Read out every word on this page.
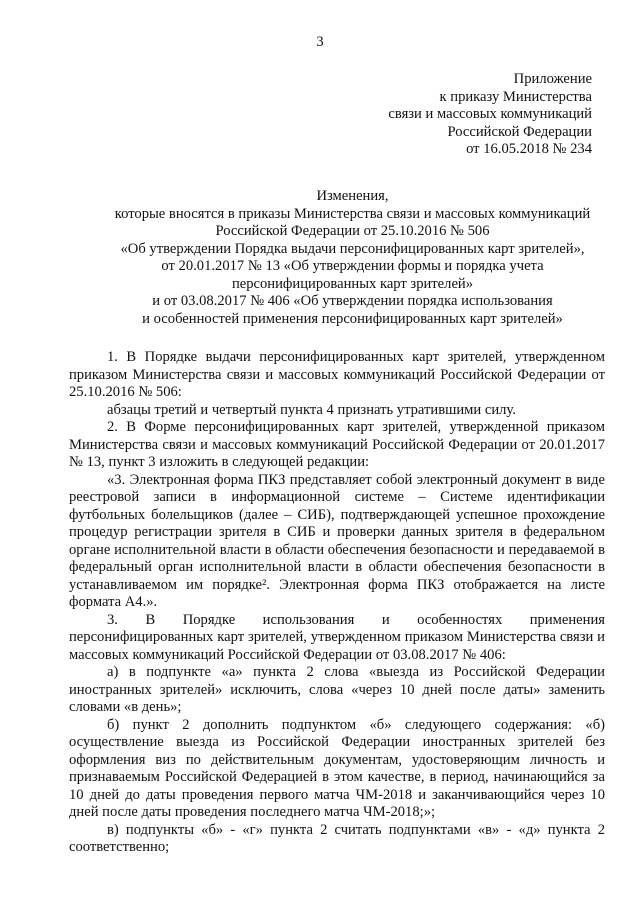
3
Приложение
к приказу Министерства
связи и массовых коммуникаций
Российской Федерации
от 16.05.2018 № 234
Изменения,
которые вносятся в приказы Министерства связи и массовых коммуникаций
Российской Федерации от 25.10.2016 № 506
«Об утверждении Порядка выдачи персонифицированных карт зрителей»,
от 20.01.2017 № 13 «Об утверждении формы и порядка учета
персонифицированных карт зрителей»
и от 03.08.2017 № 406 «Об утверждении порядка использования
и особенностей применения персонифицированных карт зрителей»
1. В Порядке выдачи персонифицированных карт зрителей, утвержденном приказом Министерства связи и массовых коммуникаций Российской Федерации от 25.10.2016 № 506:
абзацы третий и четвертый пункта 4 признать утратившими силу.
2. В Форме персонифицированных карт зрителей, утвержденной приказом Министерства связи и массовых коммуникаций Российской Федерации от 20.01.2017 № 13, пункт 3 изложить в следующей редакции:
«3. Электронная форма ПКЗ представляет собой электронный документ в виде реестровой записи в информационной системе – Системе идентификации футбольных болельщиков (далее – СИБ), подтверждающей успешное прохождение процедур регистрации зрителя в СИБ и проверки данных зрителя в федеральном органе исполнительной власти в области обеспечения безопасности и передаваемой в федеральный орган исполнительной власти в области обеспечения безопасности в устанавливаемом им порядке². Электронная форма ПКЗ отображается на листе формата А4.».
3. В Порядке использования и особенностях применения персонифицированных карт зрителей, утвержденном приказом Министерства связи и массовых коммуникаций Российской Федерации от 03.08.2017 № 406:
а) в подпункте «а» пункта 2 слова «выезда из Российской Федерации иностранных зрителей» исключить, слова «через 10 дней после даты» заменить словами «в день»;
б) пункт 2 дополнить подпунктом «б» следующего содержания: «б) осуществление выезда из Российской Федерации иностранных зрителей без оформления виз по действительным документам, удостоверяющим личность и признаваемым Российской Федерацией в этом качестве, в период, начинающийся за 10 дней до даты проведения первого матча ЧМ-2018 и заканчивающийся через 10 дней после даты проведения последнего матча ЧМ-2018;»;
в) подпункты «б» - «г» пункта 2 считать подпунктами «в» - «д» пункта 2 соответственно;
